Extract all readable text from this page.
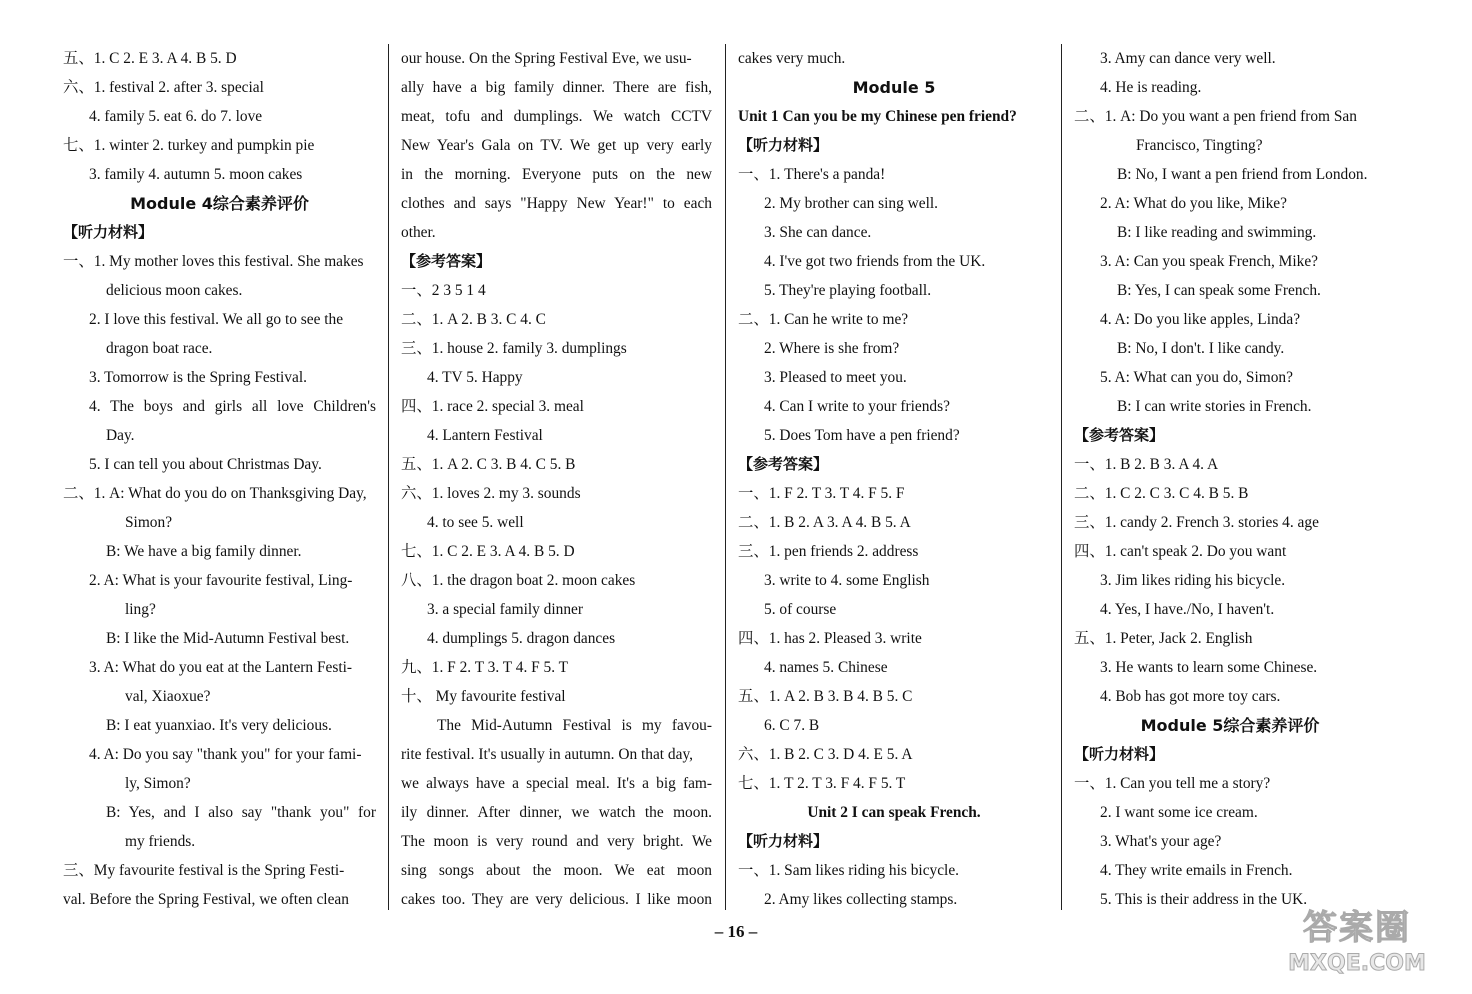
五、1. C 2. E 3. A 4. B 5. D
六、1. festival 2. after 3. special
4. family 5. eat 6. do 7. love
七、1. winter 2. turkey and pumpkin pie
3. family 4. autumn 5. moon cakes
Module 4综合素养评价
【听力材料】
一、1. My mother loves this festival. She makes
delicious moon cakes.
2. I love this festival. We all go to see the
dragon boat race.
3. Tomorrow is the Spring Festival.
4. The boys and girls all love Children's
Day.
5. I can tell you about Christmas Day.
二、1. A: What do you do on Thanksgiving Day,
Simon?
B: We have a big family dinner.
2. A: What is your favourite festival, Ling-
ling?
B: I like the Mid-Autumn Festival best.
3. A: What do you eat at the Lantern Festi-
val, Xiaoxue?
B: I eat yuanxiao. It's very delicious.
4. A: Do you say "thank you" for your fami-
ly, Simon?
B: Yes, and I also say "thank you" for
my friends.
三、My favourite festival is the Spring Festi-
val. Before the Spring Festival, we often clean
our house. On the Spring Festival Eve, we usu-
ally have a big family dinner. There are fish,
meat, tofu and dumplings. We watch CCTV
New Year's Gala on TV. We get up very early
in the morning. Everyone puts on the new
clothes and says "Happy New Year!" to each
other.
【参考答案】
一、2 3 5 1 4
二、1. A 2. B 3. C 4. C
三、1. house 2. family 3. dumplings
4. TV 5. Happy
四、1. race 2. special 3. meal
4. Lantern Festival
五、1. A 2. C 3. B 4. C 5. B
六、1. loves 2. my 3. sounds
4. to see 5. well
七、1. C 2. E 3. A 4. B 5. D
八、1. the dragon boat 2. moon cakes
3. a special family dinner
4. dumplings 5. dragon dances
九、1. F 2. T 3. T 4. F 5. T
十、 My favourite festival
The Mid-Autumn Festival is my favou-
rite festival. It's usually in autumn. On that day,
we always have a special meal. It's a big fam-
ily dinner. After dinner, we watch the moon.
The moon is very round and very bright. We
sing songs about the moon. We eat moon
cakes too. They are very delicious. I like moon
cakes very much.
Module 5
Unit 1 Can you be my Chinese pen friend?
【听力材料】
一、1. There's a panda!
2. My brother can sing well.
3. She can dance.
4. I've got two friends from the UK.
5. They're playing football.
二、1. Can he write to me?
2. Where is she from?
3. Pleased to meet you.
4. Can I write to your friends?
5. Does Tom have a pen friend?
【参考答案】
一、1. F 2. T 3. T 4. F 5. F
二、1. B 2. A 3. A 4. B 5. A
三、1. pen friends 2. address
3. write to 4. some English
5. of course
四、1. has 2. Pleased 3. write
4. names 5. Chinese
五、1. A 2. B 3. B 4. B 5. C
6. C 7. B
六、1. B 2. C 3. D 4. E 5. A
七、1. T 2. T 3. F 4. F 5. T
Unit 2 I can speak French.
【听力材料】
一、1. Sam likes riding his bicycle.
2. Amy likes collecting stamps.
3. Amy can dance very well.
4. He is reading.
二、1. A: Do you want a pen friend from San
Francisco, Tingting?
B: No, I want a pen friend from London.
2. A: What do you like, Mike?
B: I like reading and swimming.
3. A: Can you speak French, Mike?
B: Yes, I can speak some French.
4. A: Do you like apples, Linda?
B: No, I don't. I like candy.
5. A: What can you do, Simon?
B: I can write stories in French.
【参考答案】
一、1. B 2. B 3. A 4. A
二、1. C 2. C 3. C 4. B 5. B
三、1. candy 2. French 3. stories 4. age
四、1. can't speak 2. Do you want
3. Jim likes riding his bicycle.
4. Yes, I have./No, I haven't.
五、1. Peter, Jack 2. English
3. He wants to learn some Chinese.
4. Bob has got more toy cars.
Module 5综合素养评价
【听力材料】
一、1. Can you tell me a story?
2. I want some ice cream.
3. What's your age?
4. They write emails in French.
5. This is their address in the UK.
– 16 –	答案圈
MXQE.COM
